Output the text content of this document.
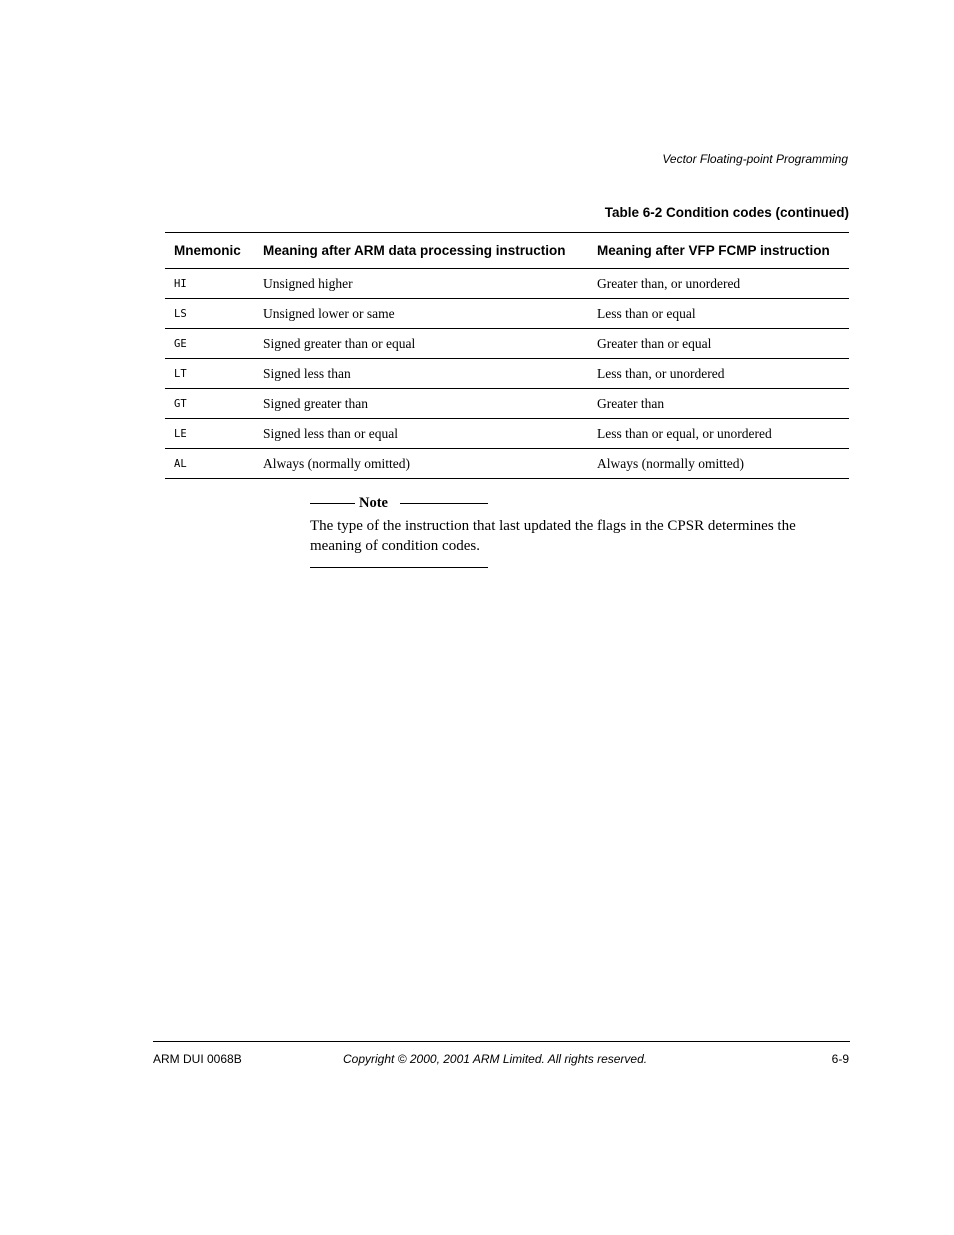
Vector Floating-point Programming
Table 6-2 Condition codes (continued)
Mnemonic	Meaning after ARM data processing instruction	Meaning after VFP FCMP instruction
HI	Unsigned higher	Greater than, or unordered
LS	Unsigned lower or same	Less than or equal
GE	Signed greater than or equal	Greater than or equal
LT	Signed less than	Less than, or unordered
GT	Signed greater than	Greater than
LE	Signed less than or equal	Less than or equal, or unordered
AL	Always (normally omitted)	Always (normally omitted)
Note
The type of the instruction that last updated the flags in the CPSR determines the meaning of condition codes.
ARM DUI 0068B	Copyright © 2000, 2001 ARM Limited. All rights reserved.	6-9
